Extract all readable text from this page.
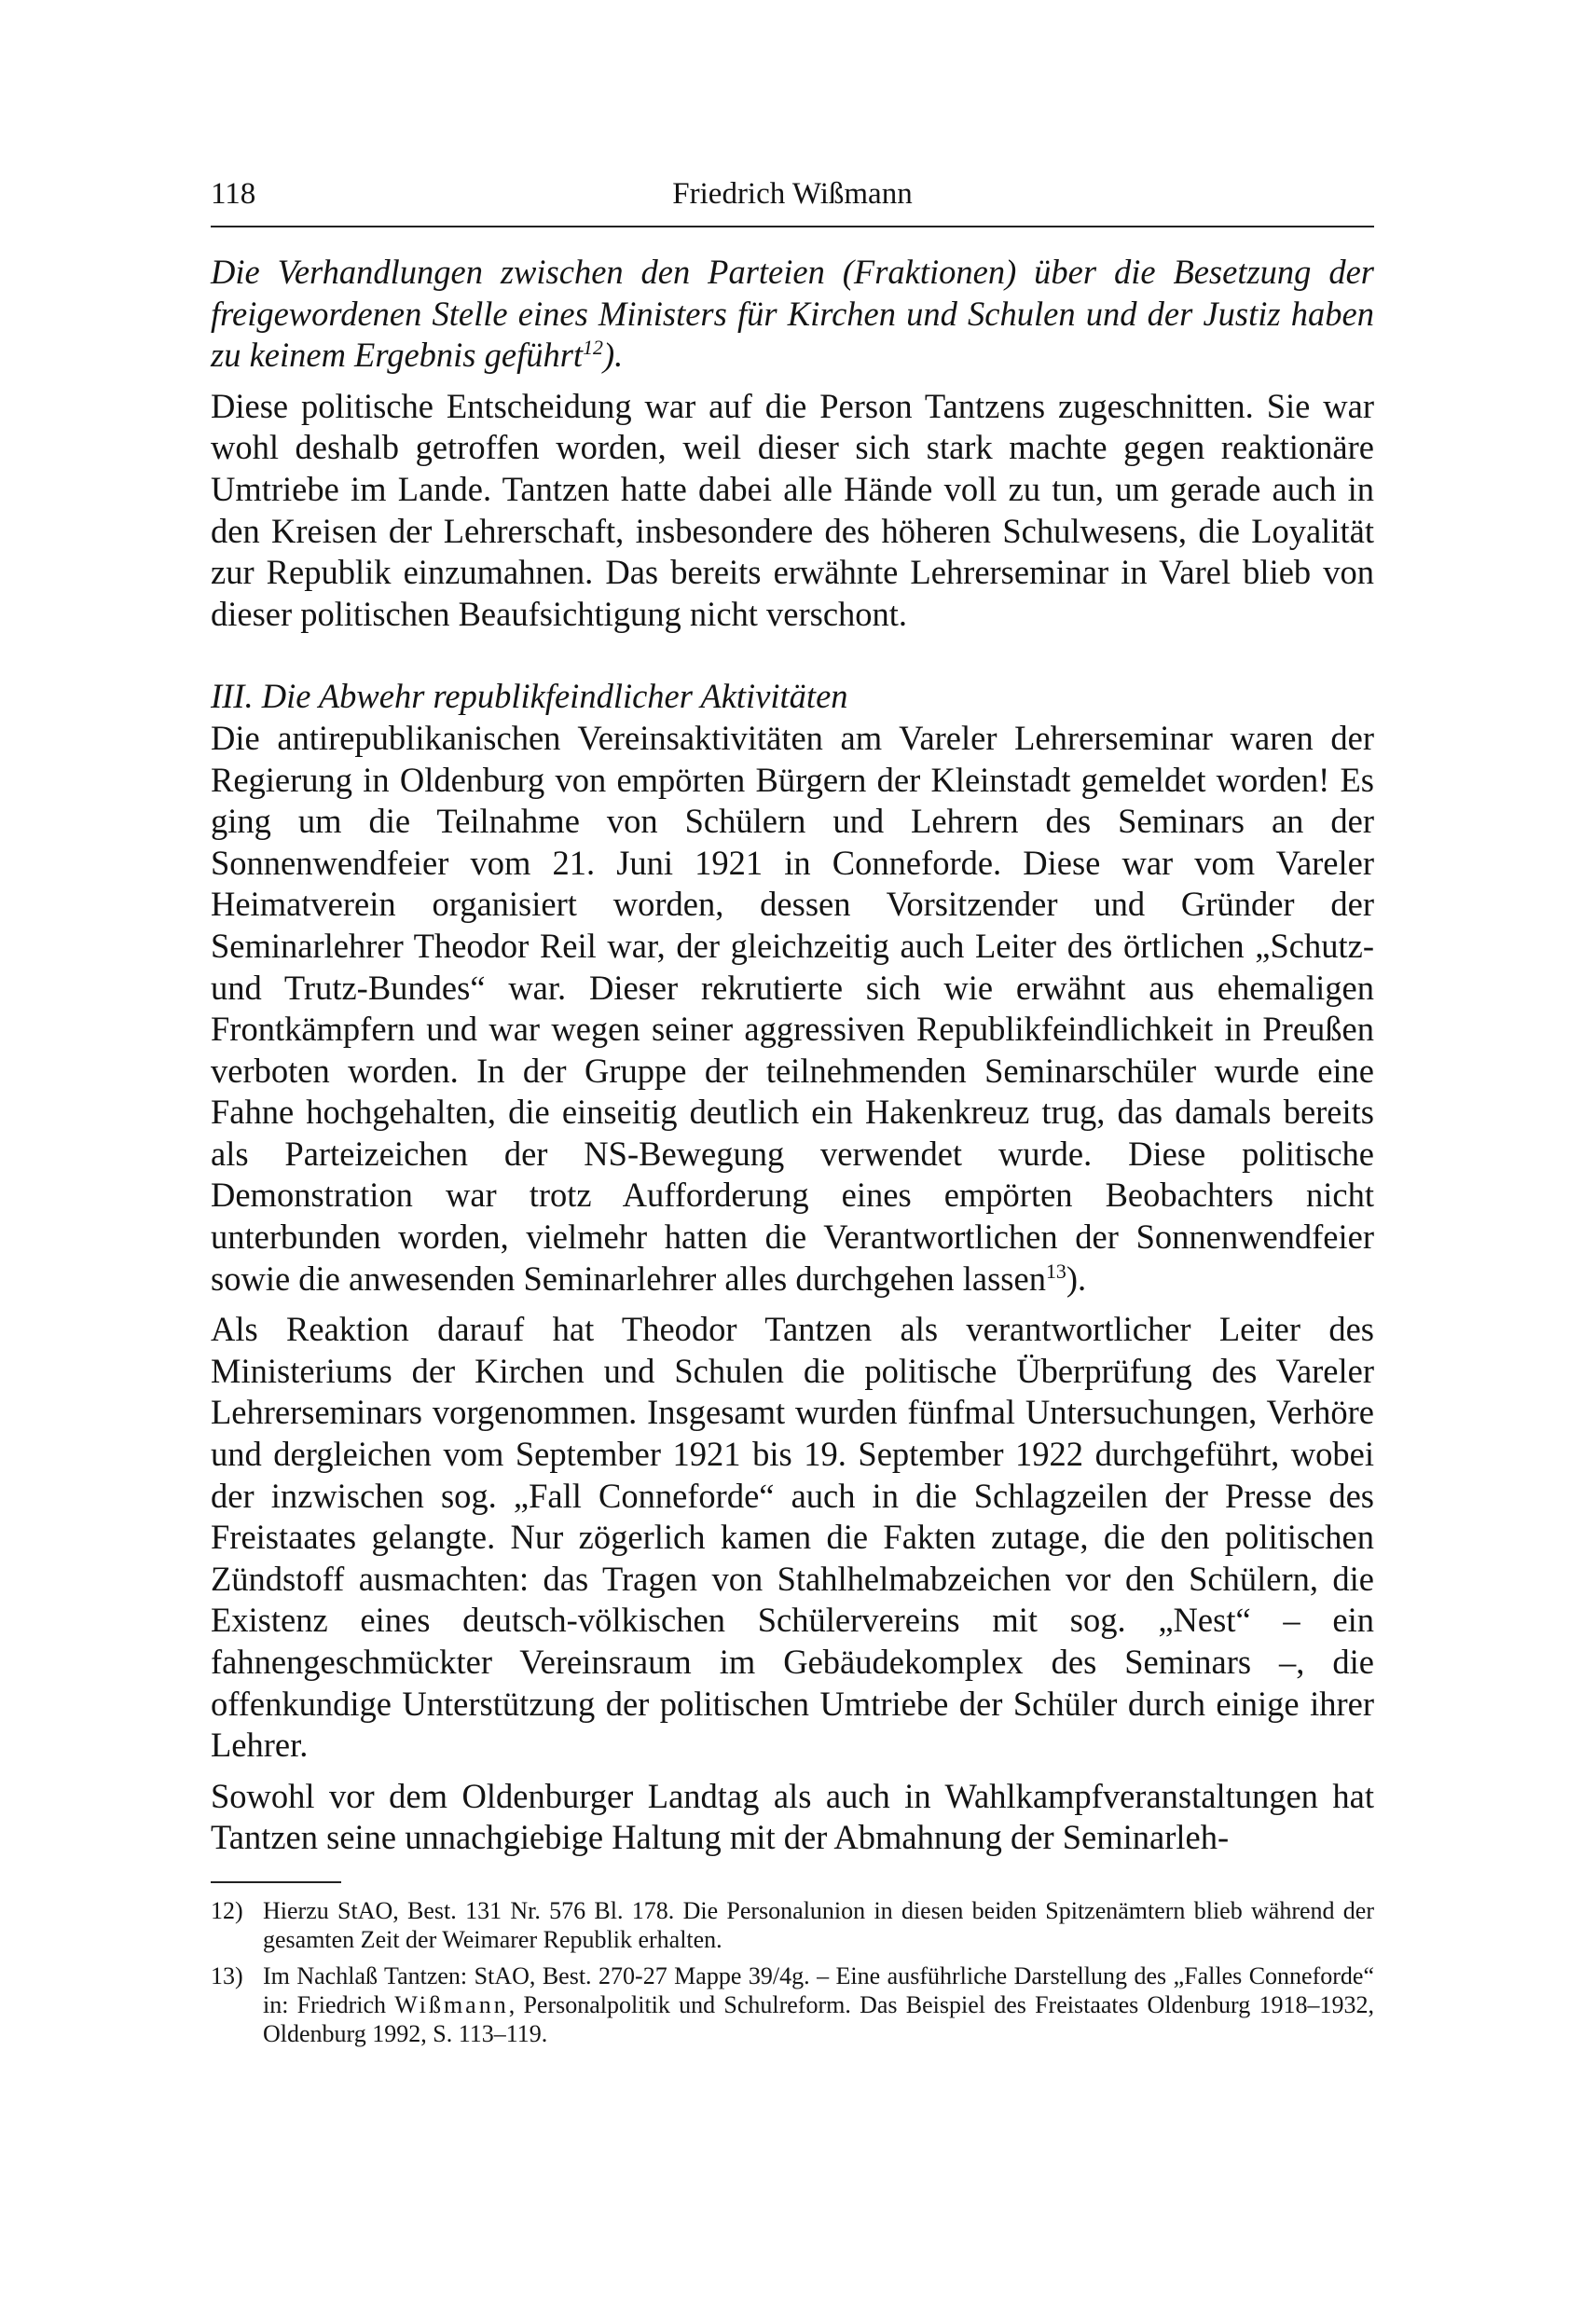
118	Friedrich Wißmann

Die Verhandlungen zwischen den Parteien (Fraktionen) über die Besetzung der freigewordenen Stelle eines Ministers für Kirchen und Schulen und der Justiz haben zu keinem Ergebnis geführt$^{12}$).

Diese politische Entscheidung war auf die Person Tantzens zugeschnitten. Sie war wohl deshalb getroffen worden, weil dieser sich stark machte gegen reaktionäre Umtriebe im Lande. Tantzen hatte dabei alle Hände voll zu tun, um gerade auch in den Kreisen der Lehrerschaft, insbesondere des höheren Schulwesens, die Loyalität zur Republik einzumahnen. Das bereits erwähnte Lehrerseminar in Varel blieb von dieser politischen Beaufsichtigung nicht verschont.

III. Die Abwehr republikfeindlicher Aktivitäten

Die antirepublikanischen Vereinsaktivitäten am Vareler Lehrerseminar waren der Regierung in Oldenburg von empörten Bürgern der Kleinstadt gemeldet worden! Es ging um die Teilnahme von Schülern und Lehrern des Seminars an der Sonnenwendfeier vom 21. Juni 1921 in Conneforde. Diese war vom Vareler Heimatverein organisiert worden, dessen Vorsitzender und Gründer der Seminarlehrer Theodor Reil war, der gleichzeitig auch Leiter des örtlichen „Schutz- und Trutz-Bundes“ war. Dieser rekrutierte sich wie erwähnt aus ehemaligen Frontkämpfern und war wegen seiner aggressiven Republikfeindlichkeit in Preußen verboten worden. In der Gruppe der teilnehmenden Seminarschüler wurde eine Fahne hochgehalten, die einseitig deutlich ein Hakenkreuz trug, das damals bereits als Parteizeichen der NS-Bewegung verwendet wurde. Diese politische Demonstration war trotz Aufforderung eines empörten Beobachters nicht unterbunden worden, vielmehr hatten die Verantwortlichen der Sonnenwendfeier sowie die anwesenden Seminarlehrer alles durchgehen lassen$^{13}$).

Als Reaktion darauf hat Theodor Tantzen als verantwortlicher Leiter des Ministeriums der Kirchen und Schulen die politische Überprüfung des Vareler Lehrerseminars vorgenommen. Insgesamt wurden fünfmal Untersuchungen, Verhöre und dergleichen vom September 1921 bis 19. September 1922 durchgeführt, wobei der inzwischen sog. „Fall Conneforde“ auch in die Schlagzeilen der Presse des Freistaates gelangte. Nur zögerlich kamen die Fakten zutage, die den politischen Zündstoff ausmachten: das Tragen von Stahlhelmabzeichen vor den Schülern, die Existenz eines deutsch-völkischen Schülervereins mit sog. „Nest“ – ein fahnengeschmückter Vereinsraum im Gebäudekomplex des Seminars –, die offenkundige Unterstützung der politischen Umtriebe der Schüler durch einige ihrer Lehrer.

Sowohl vor dem Oldenburger Landtag als auch in Wahlkampfveranstaltungen hat Tantzen seine unnachgiebige Haltung mit der Abmahnung der Seminarleh-

12) Hierzu StAO, Best. 131 Nr. 576 Bl. 178. Die Personalunion in diesen beiden Spitzenämtern blieb während der gesamten Zeit der Weimarer Republik erhalten.
13) Im Nachlaß Tantzen: StAO, Best. 270-27 Mappe 39/4g. – Eine ausführliche Darstellung des „Falles Conneforde“ in: Friedrich Wißmann, Personalpolitik und Schulreform. Das Beispiel des Freistaates Oldenburg 1918–1932, Oldenburg 1992, S. 113–119.
